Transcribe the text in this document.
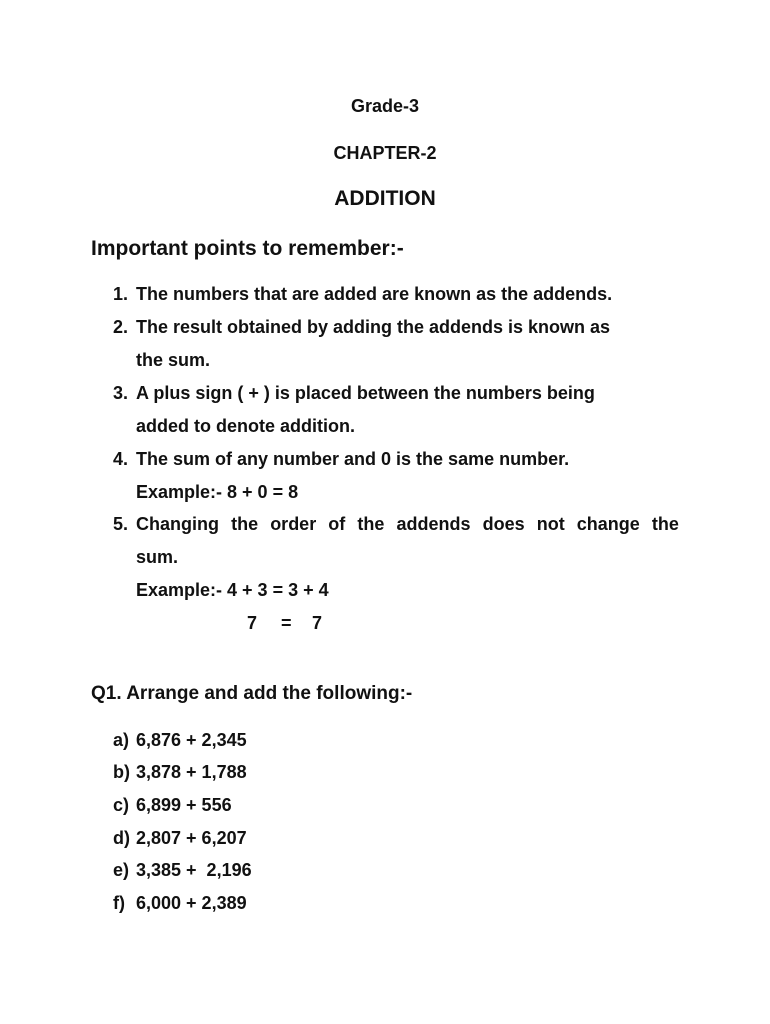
Grade-3
CHAPTER-2
ADDITION
Important points to remember:-
1. The numbers that are added are known as the addends.
2. The result obtained by adding the addends is known as
the sum.
3. A plus sign ( + ) is placed between the numbers being
added to denote addition.
4. The sum of any number and 0 is the same number.
Example:- 8 + 0 = 8
5. Changing the order of the addends does not change the
sum.
Example:- 4 + 3 = 3 + 4
7 = 7
Q1. Arrange and add the following:-
a) 6,876 + 2,345
b) 3,878 + 1,788
c) 6,899 + 556
d) 2,807 + 6,207
e) 3,385 +  2,196
f) 6,000 + 2,389
